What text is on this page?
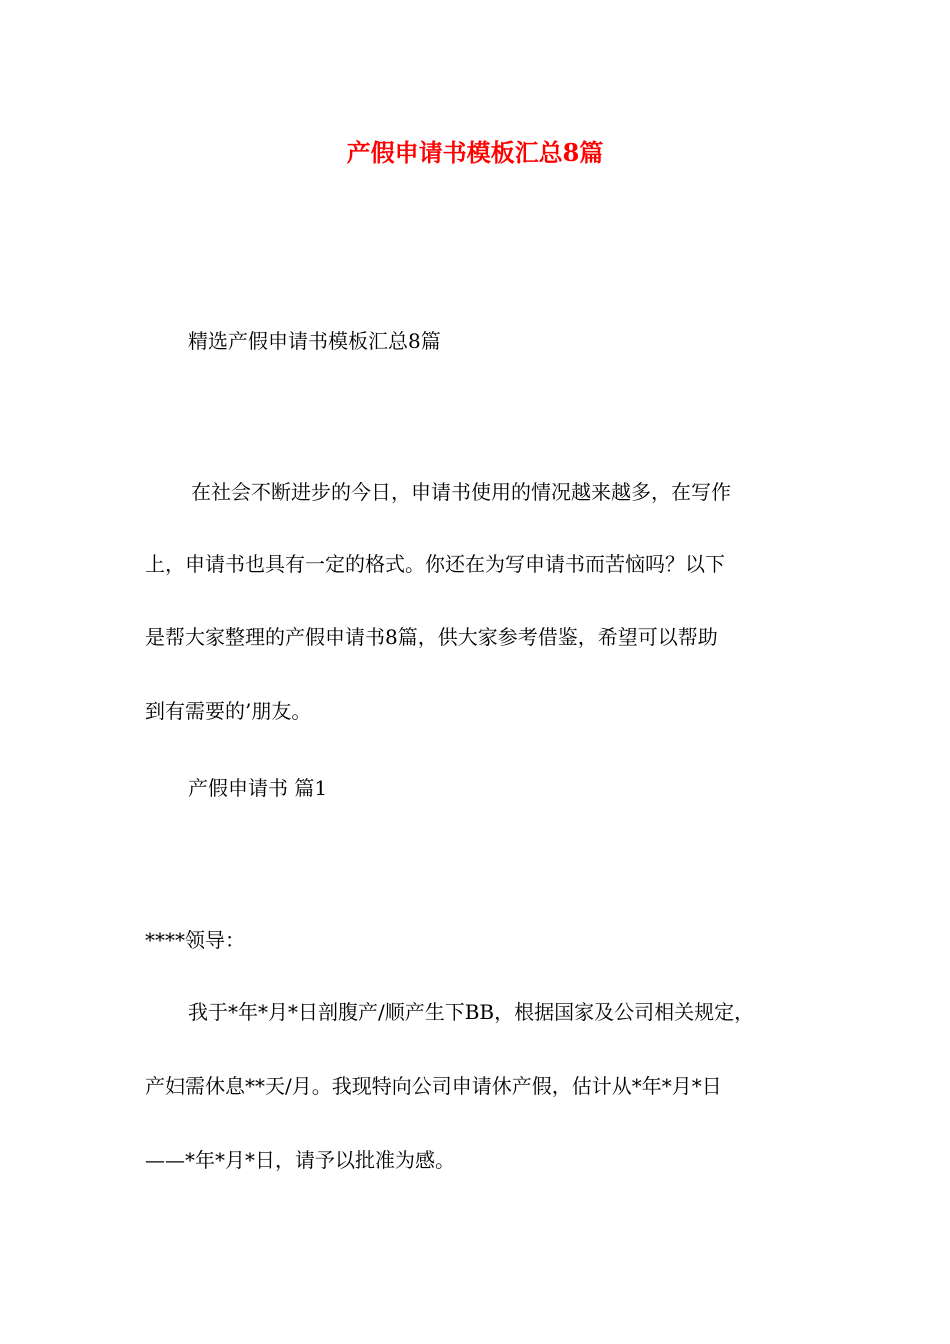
产假申请书模板汇总8篇
精选产假申请书模板汇总8篇
在社会不断进步的今日，申请书使用的情况越来越多，在写作
上，申请书也具有一定的格式。你还在为写申请书而苦恼吗？以下
是帮大家整理的产假申请书8篇，供大家参考借鉴，希望可以帮助
到有需要的’朋友。
产假申请书 篇1
****领导：
我于*年*月*日剖腹产/顺产生下BB，根据国家及公司相关规定，
产妇需休息**天/月。我现特向公司申请休产假，估计从*年*月*日
——*年*月*日，请予以批准为感。
